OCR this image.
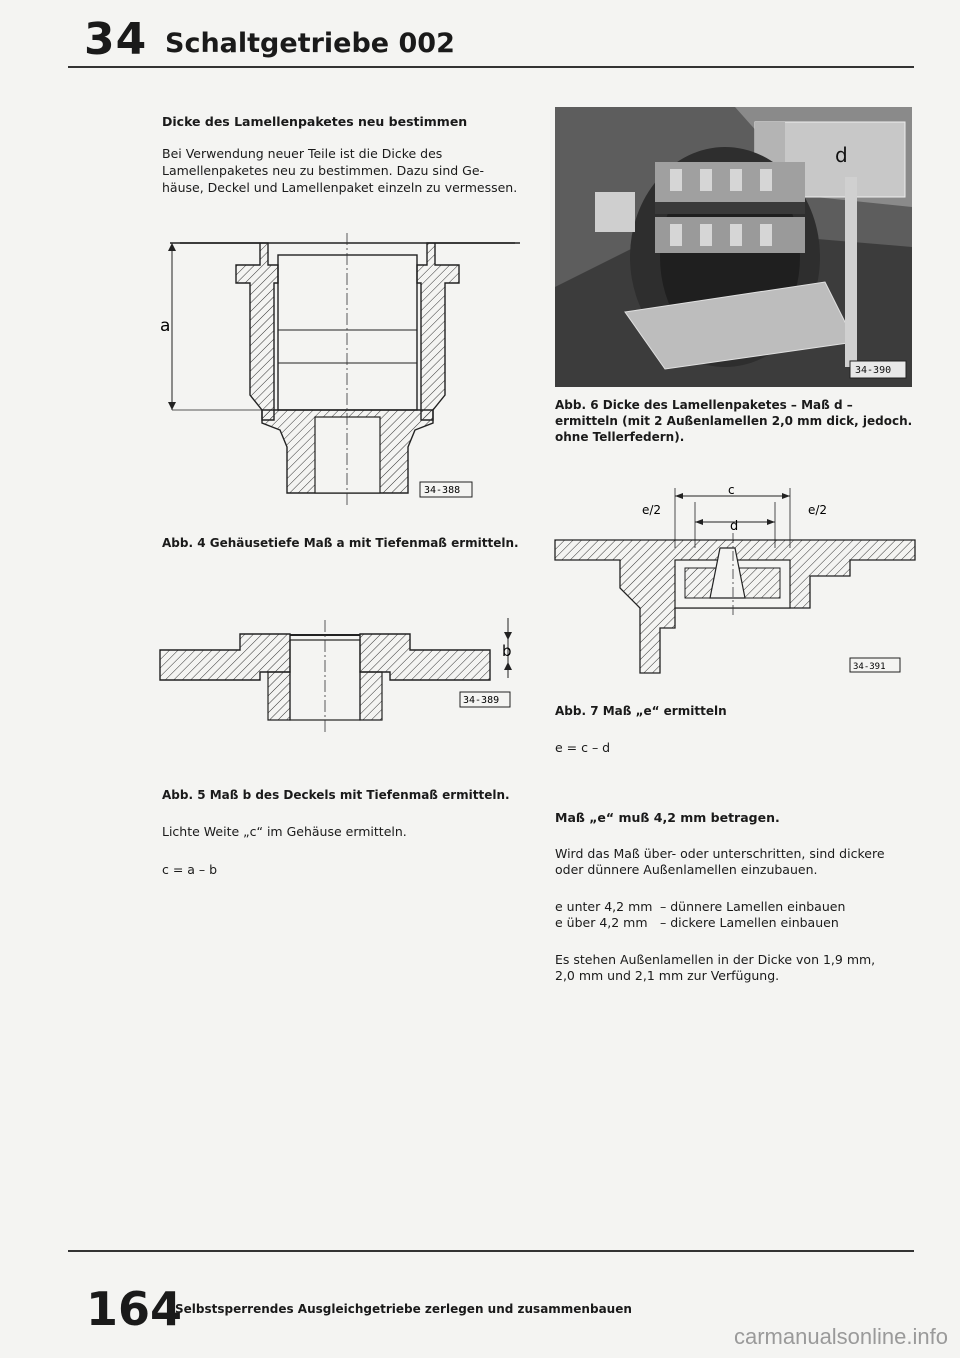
34 Schaltgetriebe 002
Dicke des Lamellenpaketes neu bestimmen
Bei Verwendung neuer Teile ist die Dicke des
Lamellenpaketes neu zu bestimmen. Dazu sind Ge-
häuse, Deckel und Lamellenpaket einzeln zu vermessen.
a
34-388
Abb. 4 Gehäusetiefe Maß a mit Tiefenmaß ermitteln.
b
34-389
Abb. 5 Maß b des Deckels mit Tiefenmaß ermitteln.
Lichte Weite „c“ im Gehäuse ermitteln.
c = a – b
d
34-390
Abb. 6 Dicke des Lamellenpaketes – Maß d –
ermitteln (mit 2 Außenlamellen 2,0 mm dick, jedoch.
ohne Tellerfedern).
c
d
e/2	e/2
34-391
Abb. 7 Maß „e“ ermitteln
e = c – d
Maß „e“ muß 4,2 mm betragen.
Wird das Maß über- oder unterschritten, sind dickere
oder dünnere Außenlamellen einzubauen.
e unter 4,2 mm – dünnere Lamellen einbauen
e über 4,2 mm – dickere Lamellen einbauen
Es stehen Außenlamellen in der Dicke von 1,9 mm,
2,0 mm und 2,1 mm zur Verfügung.
164
Selbstsperrendes Ausgleichgetriebe zerlegen und zusammenbauen
carmanualsonline.info
